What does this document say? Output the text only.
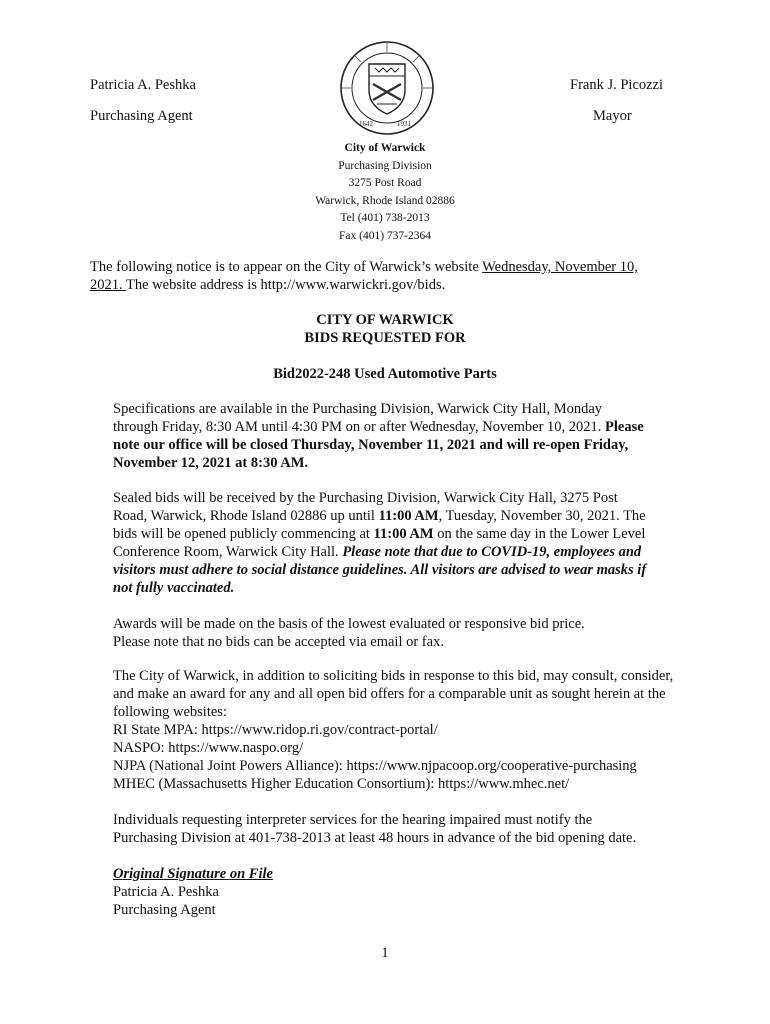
Patricia A. Peshka
Purchasing Agent
Frank J. Picozzi
Mayor
1642	1931
City of Warwick
Purchasing Division
3275 Post Road
Warwick, Rhode Island 02886
Tel (401) 738-2013
Fax (401) 737-2364
The following notice is to appear on the City of Warwick’s website Wednesday, November 10,
2021. The website address is http://www.warwickri.gov/bids.
CITY OF WARWICK
BIDS REQUESTED FOR
Bid2022-248 Used Automotive Parts
Specifications are available in the Purchasing Division, Warwick City Hall, Monday
through Friday, 8:30 AM until 4:30 PM on or after Wednesday, November 10, 2021. Please
note our office will be closed Thursday, November 11, 2021 and will re-open Friday,
November 12, 2021 at 8:30 AM.
Sealed bids will be received by the Purchasing Division, Warwick City Hall, 3275 Post
Road, Warwick, Rhode Island 02886 up until 11:00 AM, Tuesday, November 30, 2021. The
bids will be opened publicly commencing at 11:00 AM on the same day in the Lower Level
Conference Room, Warwick City Hall. Please note that due to COVID-19, employees and
visitors must adhere to social distance guidelines. All visitors are advised to wear masks if
not fully vaccinated.
Awards will be made on the basis of the lowest evaluated or responsive bid price.
Please note that no bids can be accepted via email or fax.
The City of Warwick, in addition to soliciting bids in response to this bid, may consult, consider,
and make an award for any and all open bid offers for a comparable unit as sought herein at the
following websites:
RI State MPA: https://www.ridop.ri.gov/contract-portal/
NASPO: https://www.naspo.org/
NJPA (National Joint Powers Alliance): https://www.njpacoop.org/cooperative-purchasing
MHEC (Massachusetts Higher Education Consortium): https://www.mhec.net/
Individuals requesting interpreter services for the hearing impaired must notify the
Purchasing Division at 401-738-2013 at least 48 hours in advance of the bid opening date.
Original Signature on File
Patricia A. Peshka
Purchasing Agent
1
